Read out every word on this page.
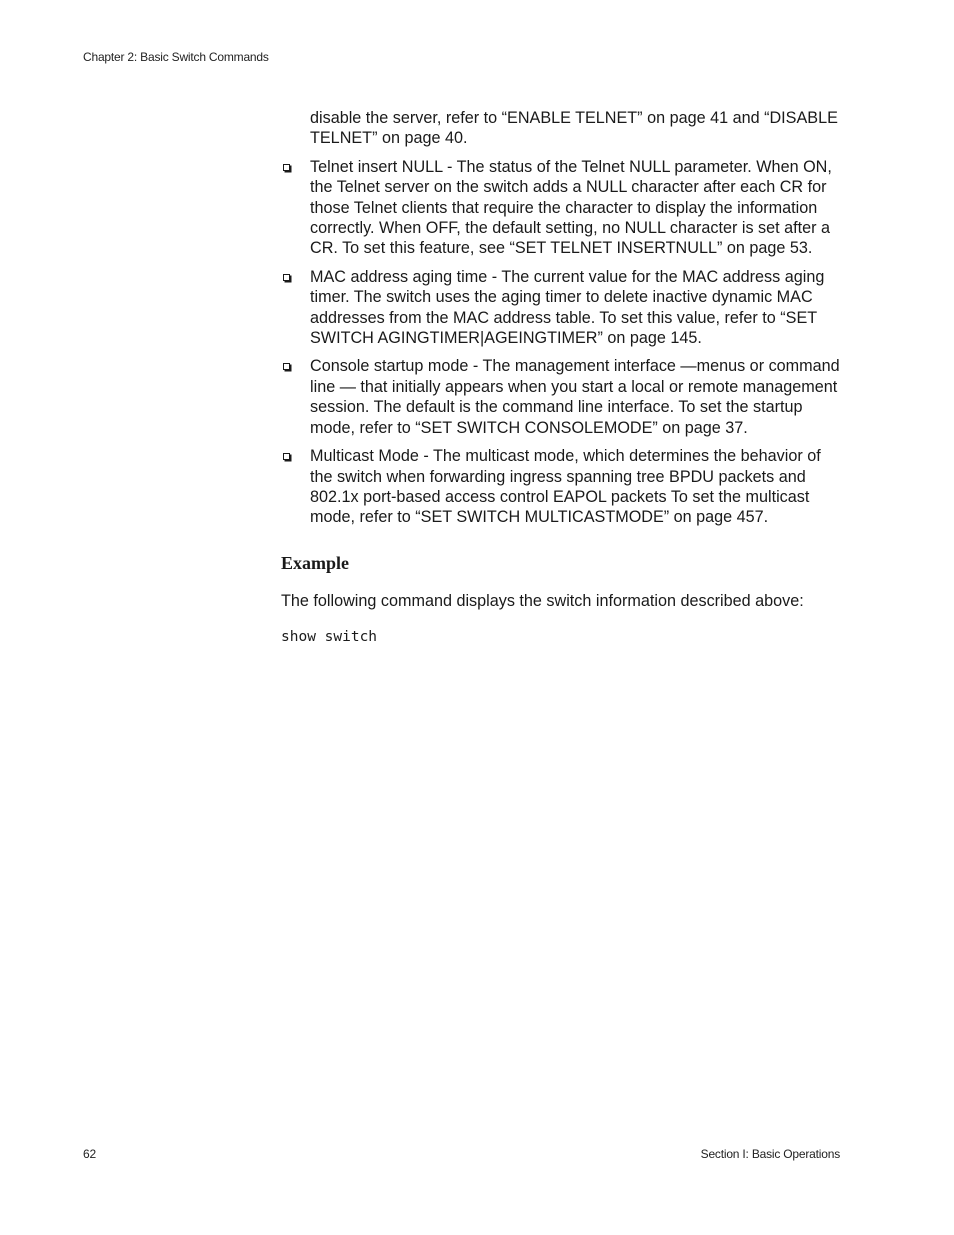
Chapter 2: Basic Switch Commands

disable the server, refer to “ENABLE TELNET” on page 41 and “DISABLE TELNET” on page 40.

Telnet insert NULL - The status of the Telnet NULL parameter. When ON, the Telnet server on the switch adds a NULL character after each CR for those Telnet clients that require the character to display the information correctly. When OFF, the default setting, no NULL character is set after a CR. To set this feature, see “SET TELNET INSERTNULL” on page 53.
MAC address aging time - The current value for the MAC address aging timer. The switch uses the aging timer to delete inactive dynamic MAC addresses from the MAC address table. To set this value, refer to “SET SWITCH AGINGTIMER|AGEINGTIMER” on page 145.
Console startup mode - The management interface —menus or command line — that initially appears when you start a local or remote management session. The default is the command line interface. To set the startup mode, refer to “SET SWITCH CONSOLEMODE” on page 37.
Multicast Mode - The multicast mode, which determines the behavior of the switch when forwarding ingress spanning tree BPDU packets and 802.1x port-based access control EAPOL packets To set the multicast mode, refer to “SET SWITCH MULTICASTMODE” on page 457.
Example

The following command displays the switch information described above:

show switch
62	Section I: Basic Operations
